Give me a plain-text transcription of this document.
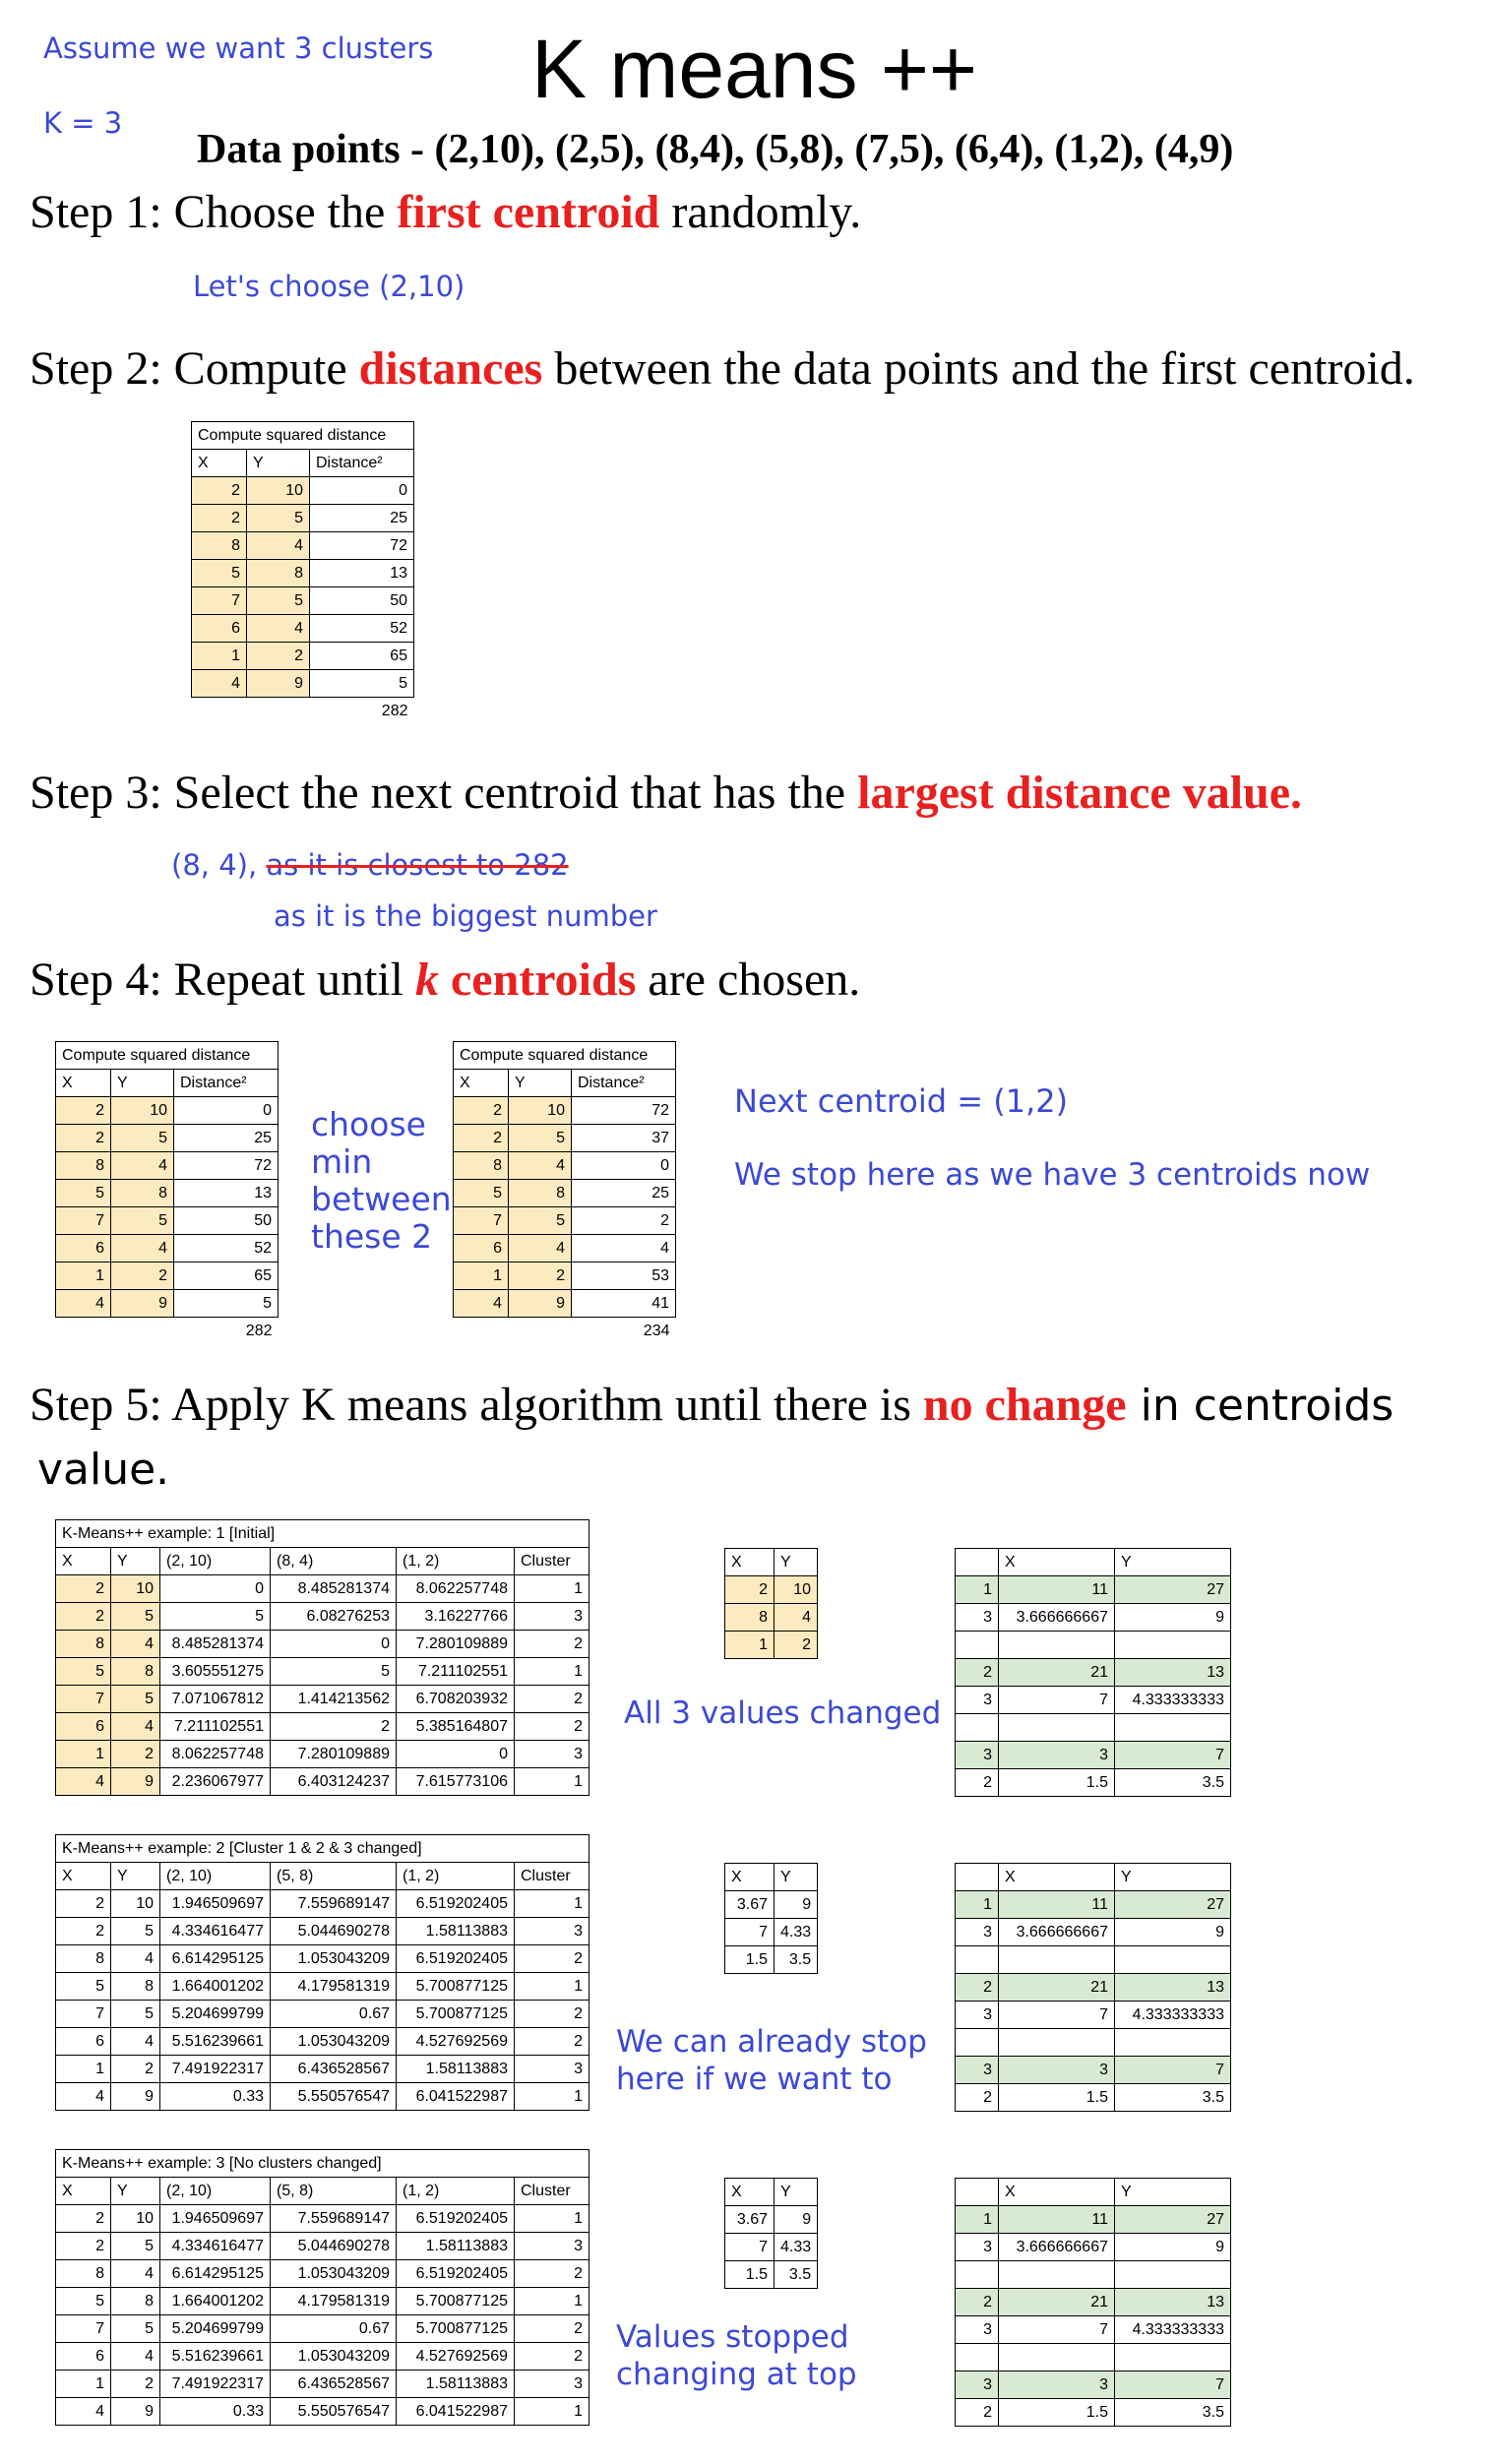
Assume we want 3 clusters
K = 3
K means ++
Data points - (2,10), (2,5), (8,4), (5,8), (7,5), (6,4), (1,2), (4,9)
Step 1: Choose the first centroid randomly.
Let's choose (2,10)
Step 2: Compute distances between the data points and the first centroid.
Compute squared distance		
X	Y	Distance²
2	10	0
2	5	25
8	4	72
5	8	13
7	5	50
6	4	52
1	2	65
4	9	5
		282
Step 3: Select the next centroid that has the largest distance value.
(8, 4), as it is closest to 282
as it is the biggest number
Step 4: Repeat until k centroids are chosen.
Compute squared distance		
X	Y	Distance²
2	10	0
2	5	25
8	4	72
5	8	13
7	5	50
6	4	52
1	2	65
4	9	5
		282
choose
min
between
these 2
Compute squared distance		
X	Y	Distance²
2	10	72
2	5	37
8	4	0
5	8	25
7	5	2
6	4	4
1	2	53
4	9	41
		234
Next centroid = (1,2)
We stop here as we have 3 centroids now
Step 5: Apply K means algorithm until there is no change in centroids
value.
K-Means++ example: 1 [Initial]					
X	Y	(2, 10)	(8, 4)	(1, 2)	Cluster
2	10	0	8.485281374	8.062257748	1
2	5	5	6.08276253	3.16227766	3
8	4	8.485281374	0	7.280109889	2
5	8	3.605551275	5	7.211102551	1
7	5	7.071067812	1.414213562	6.708203932	2
6	4	7.211102551	2	5.385164807	2
1	2	8.062257748	7.280109889	0	3
4	9	2.236067977	6.403124237	7.615773106	1
X	Y
2	10
8	4
1	2
	X	Y
1	11	27
3	3.666666667	9

2	21	13
3	7	4.333333333

3	3	7
2	1.5	3.5
All 3 values changed
K-Means++ example: 2 [Cluster 1 & 2 & 3 changed]					
X	Y	(2, 10)	(5, 8)	(1, 2)	Cluster
2	10	1.946509697	7.559689147	6.519202405	1
2	5	4.334616477	5.044690278	1.58113883	3
8	4	6.614295125	1.053043209	6.519202405	2
5	8	1.664001202	4.179581319	5.700877125	1
7	5	5.204699799	0.67	5.700877125	2
6	4	5.516239661	1.053043209	4.527692569	2
1	2	7.491922317	6.436528567	1.58113883	3
4	9	0.33	5.550576547	6.041522987	1
X	Y
3.67	9
7	4.33
1.5	3.5
	X	Y
1	11	27
3	3.666666667	9

2	21	13
3	7	4.333333333

3	3	7
2	1.5	3.5
We can already stop
here if we want to
K-Means++ example: 3 [No clusters changed]					
X	Y	(2, 10)	(5, 8)	(1, 2)	Cluster
2	10	1.946509697	7.559689147	6.519202405	1
2	5	4.334616477	5.044690278	1.58113883	3
8	4	6.614295125	1.053043209	6.519202405	2
5	8	1.664001202	4.179581319	5.700877125	1
7	5	5.204699799	0.67	5.700877125	2
6	4	5.516239661	1.053043209	4.527692569	2
1	2	7.491922317	6.436528567	1.58113883	3
4	9	0.33	5.550576547	6.041522987	1
X	Y
3.67	9
7	4.33
1.5	3.5
	X	Y
1	11	27
3	3.666666667	9

2	21	13
3	7	4.333333333

3	3	7
2	1.5	3.5
Values stopped
changing at top
